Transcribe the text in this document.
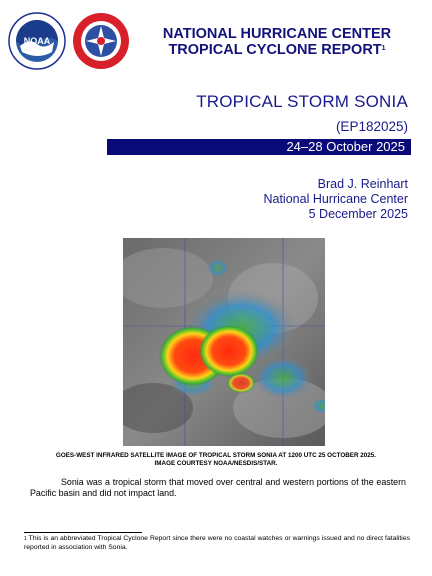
NOAA	NATIONAL HURRICANE CENTER
TROPICAL CYCLONE REPORT$^1$
TROPICAL STORM SONIA
(EP182025)
24–28 October 2025
Brad J. Reinhart
National Hurricane Center
5 December 2025
GOES-WEST INFRARED SATELLITE IMAGE OF TROPICAL STORM SONIA AT 1200 UTC 25 OCTOBER 2025.
IMAGE COURTESY NOAA/NESDIS/STAR.
Sonia was a tropical storm that moved over central and western portions of the eastern Pacific basin and did not impact land.
$^1$ This is an abbreviated Tropical Cyclone Report since there were no coastal watches or warnings issued and no direct fatalities reported in association with Sonia.
